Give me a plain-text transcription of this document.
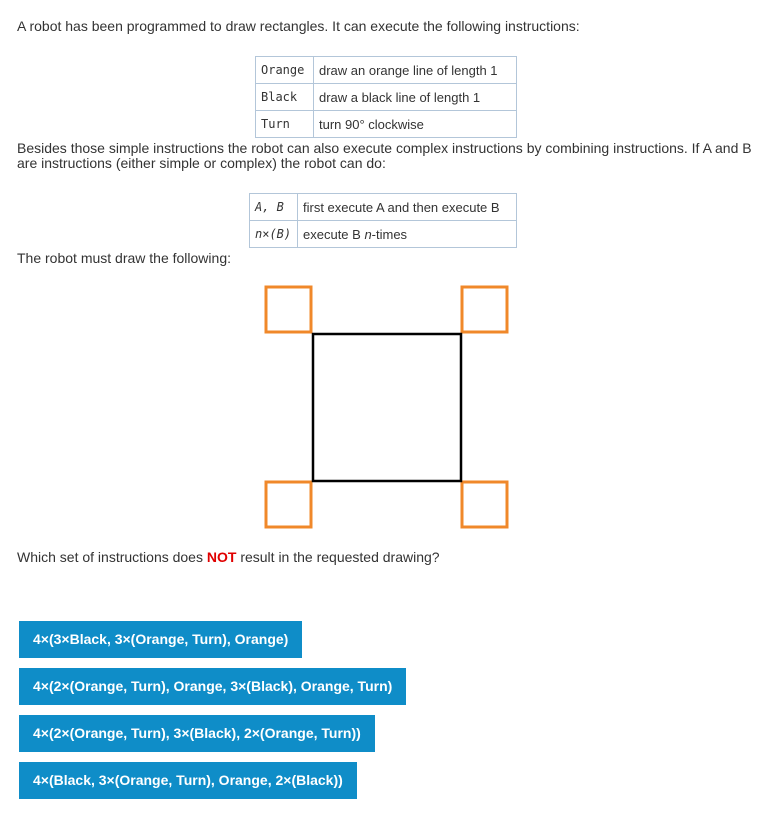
A robot has been programmed to draw rectangles. It can execute the following instructions:

Orange	draw an orange line of length 1
Black	draw a black line of length 1
Turn	turn 90° clockwise

Besides those simple instructions the robot can also execute complex instructions by combining instructions. If A and B are instructions (either simple or complex) the robot can do:

A, B	first execute A and then execute B
n×(B)	execute B n-times

The robot must draw the following:

Which set of instructions does NOT result in the requested drawing?

4×(3×Black, 3×(Orange, Turn), Orange)
4×(2×(Orange, Turn), Orange, 3×(Black), Orange, Turn)
4×(2×(Orange, Turn), 3×(Black), 2×(Orange, Turn))
4×(Black, 3×(Orange, Turn), Orange, 2×(Black))
